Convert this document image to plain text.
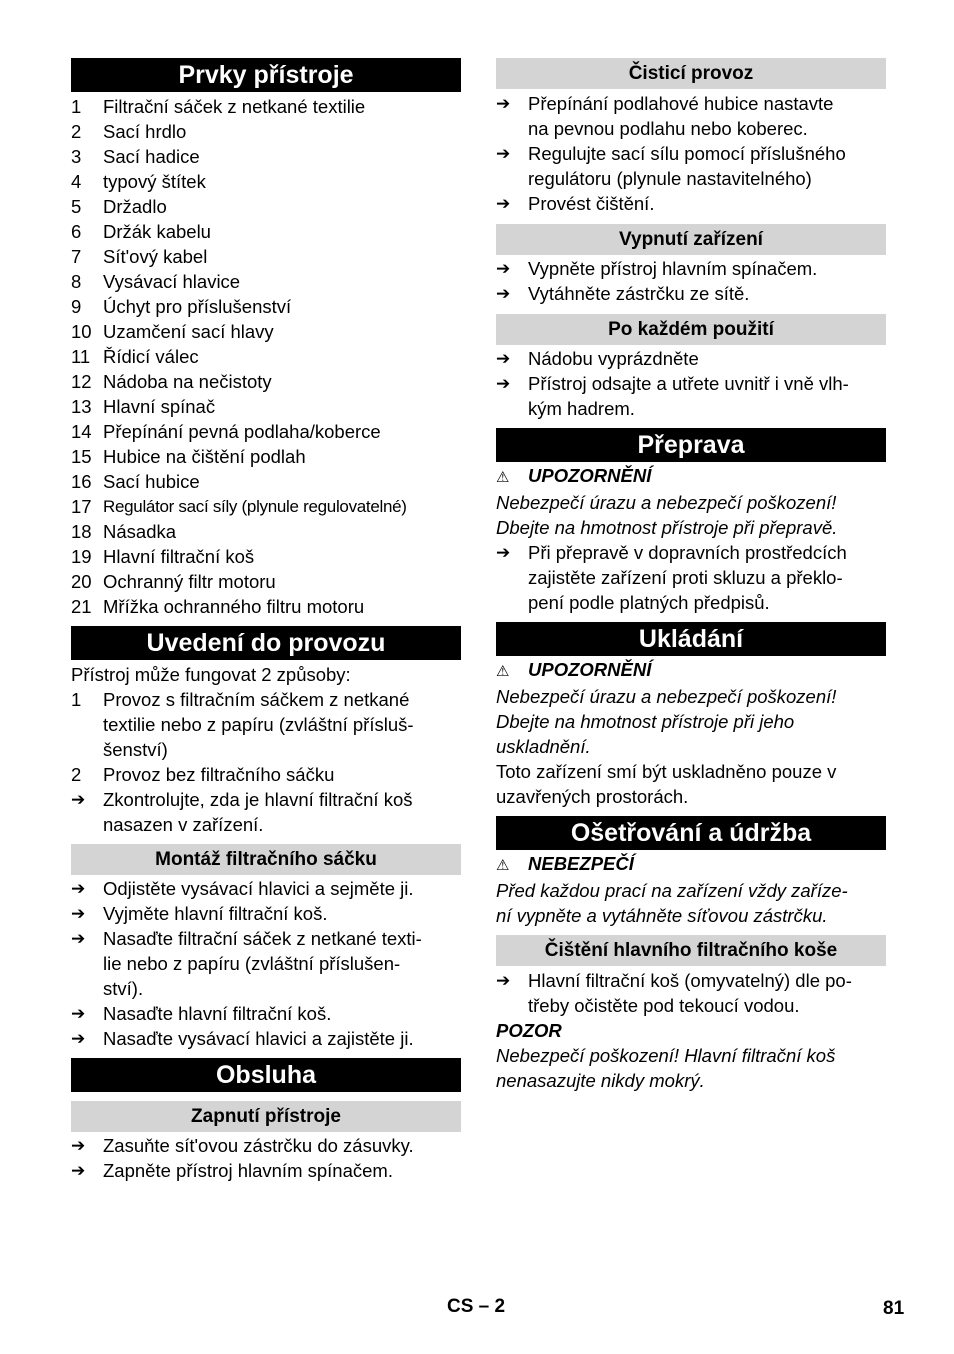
Prvky přístroje
1	Filtrační sáček z netkané textilie
2	Sací hrdlo
3	Sací hadice
4	typový štítek
5	Držadlo
6	Držák kabelu
7	Sít'ový kabel
8	Vysávací hlavice
9	Úchyt pro příslušenství
10 Uzamčení sací hlavy
11 Řídicí válec
12 Nádoba na nečistoty
13 Hlavní spínač
14 Přepínání pevná podlaha/koberce
15 Hubice na čištění podlah
16 Sací hubice
17 Regulátor sací síly (plynule regulovatelné)
18 Násadka
19 Hlavní filtrační koš
20 Ochranný filtr motoru
21 Mřížka ochranného filtru motoru
Uvedení do provozu
Přístroj může fungovat 2 způsoby:
1	Provoz s filtračním sáčkem z netkané
textilie nebo z papíru (zvláštní přísluš-
šenství)
2	Provoz bez filtračního sáčku
➔ Zkontrolujte, zda je hlavní filtrační koš
nasazen v zařízení.
Montáž filtračního sáčku
➔ Odjistěte vysávací hlavici a sejměte ji.
➔ Vyjměte hlavní filtrační koš.
➔ Nasaďte filtrační sáček z netkané texti-
lie nebo z papíru (zvláštní příslušen-
ství).
➔ Nasaďte hlavní filtrační koš.
➔ Nasaďte vysávací hlavici a zajistěte ji.
Obsluha
Zapnutí přístroje
➔ Zasuňte sít'ovou zástrčku do zásuvky.
➔ Zapněte přístroj hlavním spínačem.
Čisticí provoz
➔ Přepínání podlahové hubice nastavte
na pevnou podlahu nebo koberec.
➔ Regulujte sací sílu pomocí příslušného
regulátoru (plynule nastavitelného)
➔ Provést čištění.
Vypnutí zařízení
➔ Vypněte přístroj hlavním spínačem.
➔ Vytáhněte zástrčku ze sítě.
Po každém použití
➔ Nádobu vyprázdněte
➔ Přístroj odsajte a utřete uvnitř i vně vlh-
kým hadrem.
Přeprava
⚠ UPOZORNĚNÍ
Nebezpečí úrazu a nebezpečí poškození!
Dbejte na hmotnost přístroje při přepravě.
➔ Při přepravě v dopravních prostředcích
zajistěte zařízení proti skluzu a překlo-
pení podle platných předpisů.
Ukládání
⚠ UPOZORNĚNÍ
Nebezpečí úrazu a nebezpečí poškození!
Dbejte na hmotnost přístroje při jeho
uskladnění.
Toto zařízení smí být uskladněno pouze v
uzavřených prostorách.
Ošetřování a údržba
⚠ NEBEZPEČÍ
Před každou prací na zařízení vždy zaříze-
ní vypněte a vytáhněte síťovou zástrčku.
Čištění hlavního filtračního koše
➔ Hlavní filtrační koš (omyvatelný) dle po-
třeby očistěte pod tekoucí vodou.
POZOR
Nebezpečí poškození! Hlavní filtrační koš
nenasazujte nikdy mokrý.
CS – 2	81
